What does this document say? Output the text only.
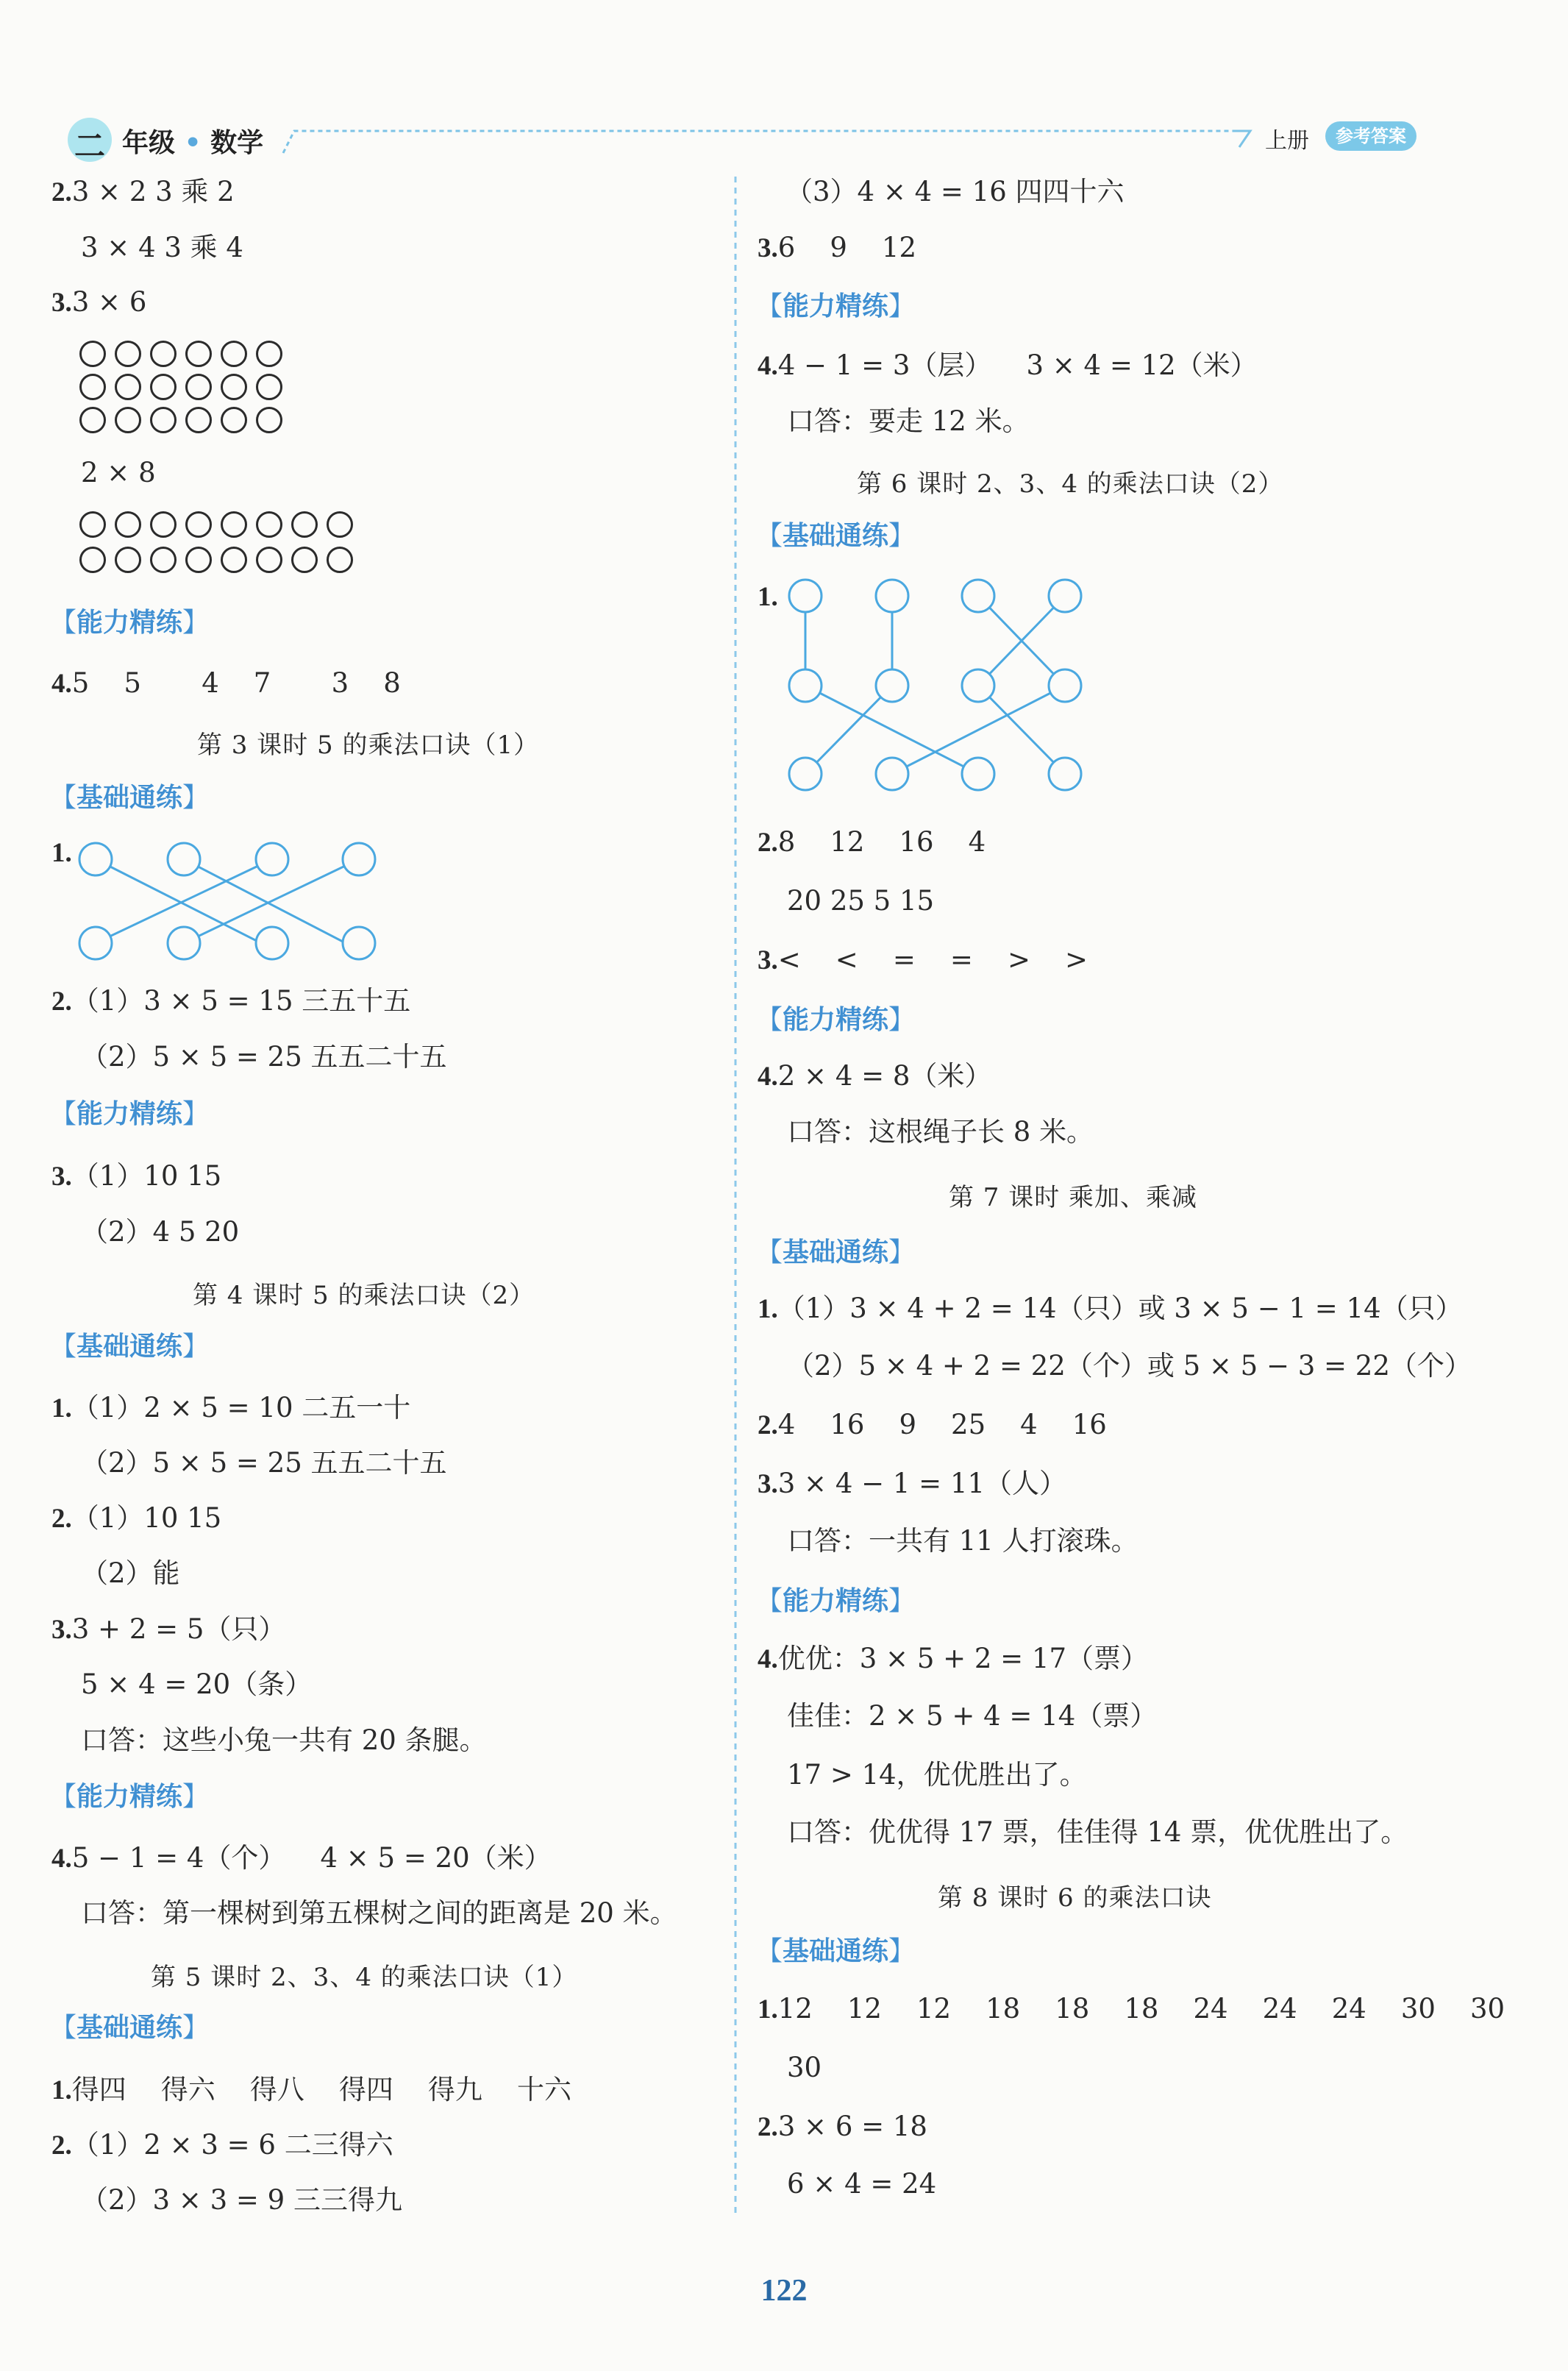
二 年级 • 数学	上册	参考答案
2.3 × 2 3 乘 2
3 × 4 3 乘 4
3.3 × 6
2 × 8
【能力精练】
4.5    5       4    7       3    8
第 3 课时 5 的乘法口诀（1）
【基础通练】
1.
2.（1）3 × 5 = 15 三五十五
（2）5 × 5 = 25 五五二十五
【能力精练】
3.（1）10 15
（2）4 5 20
第 4 课时 5 的乘法口诀（2）
【基础通练】
1.（1）2 × 5 = 10 二五一十
（2）5 × 5 = 25 五五二十五
2.（1）10 15
（2）能
3.3 + 2 = 5（只）
5 × 4 = 20（条）
口答：这些小兔一共有 20 条腿。
【能力精练】
4.5 − 1 = 4（个）    4 × 5 = 20（米）
口答：第一棵树到第五棵树之间的距离是 20 米。
第 5 课时 2、3、4 的乘法口诀（1）
【基础通练】
1.得四    得六    得八    得四    得九    十六
2.（1）2 × 3 = 6 二三得六
（2）3 × 3 = 9 三三得九
（3）4 × 4 = 16 四四十六
3.6    9    12
【能力精练】
4.4 − 1 = 3（层）    3 × 4 = 12（米）
口答：要走 12 米。
第 6 课时 2、3、4 的乘法口诀（2）
【基础通练】
1.
2.8    12    16    4
20 25 5 15
3.<    <    =    =    >    >
【能力精练】
4.2 × 4 = 8（米）
口答：这根绳子长 8 米。
第 7 课时 乘加、乘减
【基础通练】
1.（1）3 × 4 + 2 = 14（只）或 3 × 5 − 1 = 14（只）
（2）5 × 4 + 2 = 22（个）或 5 × 5 − 3 = 22（个）
2.4    16    9    25    4    16
3.3 × 4 − 1 = 11（人）
口答：一共有 11 人打滚珠。
【能力精练】
4.优优：3 × 5 + 2 = 17（票）
佳佳：2 × 5 + 4 = 14（票）
17 > 14，优优胜出了。
口答：优优得 17 票，佳佳得 14 票，优优胜出了。
第 8 课时 6 的乘法口诀
【基础通练】
1.12    12    12    18    18    18    24    24    24    30    30
30
2.3 × 6 = 18
6 × 4 = 24
122
